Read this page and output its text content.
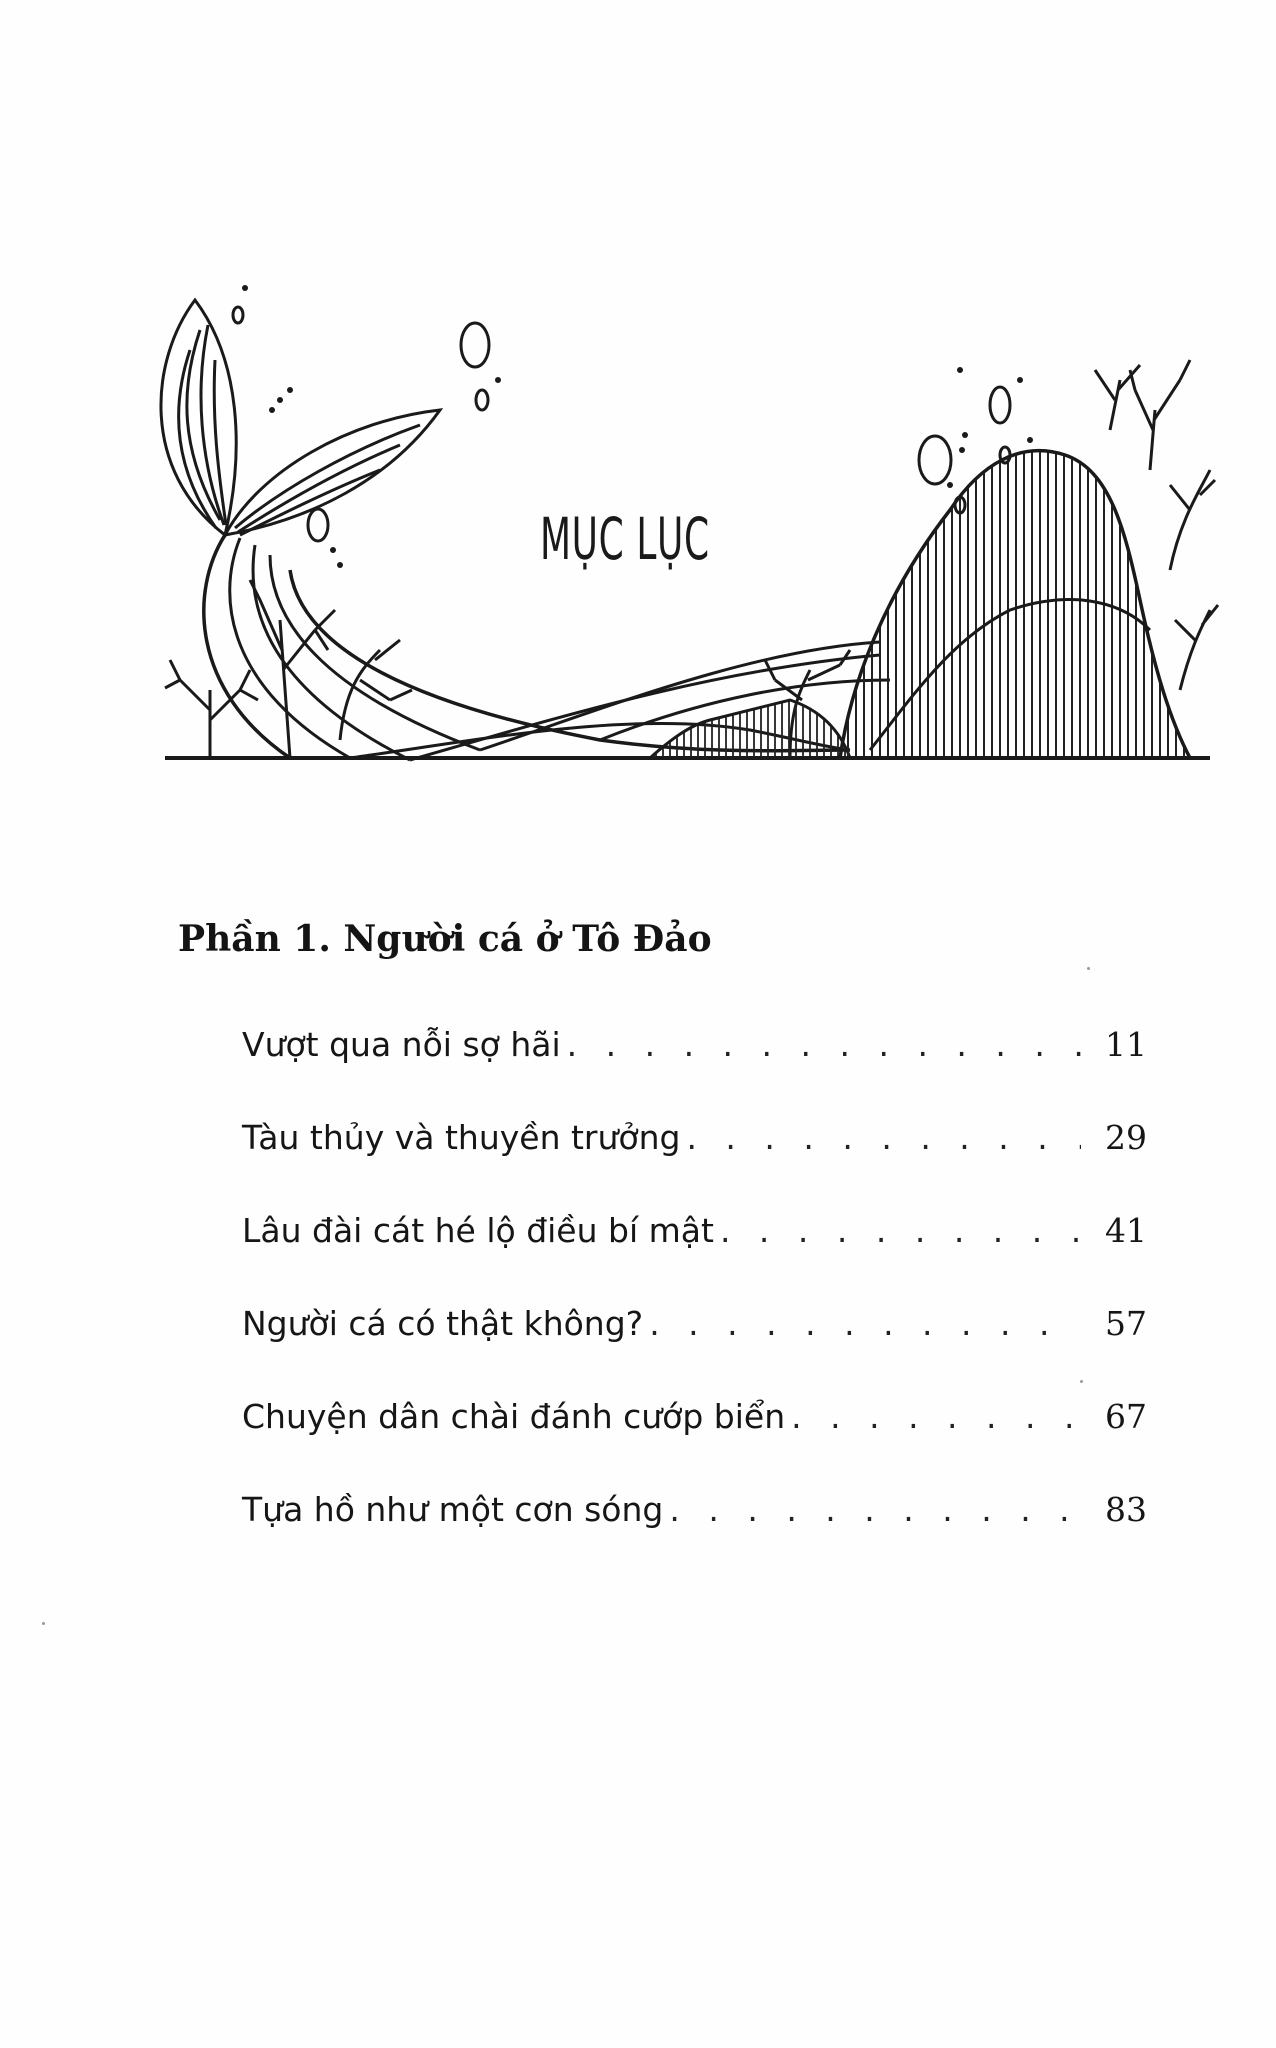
MỤC LỤC
Phần 1. Người cá ở Tô Đảo
Vượt qua nỗi sợ hãi . . .	11
Tàu thủy và thuyền trưởng . . .	29
Lâu đài cát hé lộ điều bí mật . . .	41
Người cá có thật không? . . .	57
Chuyện dân chài đánh cướp biển . . .	67
Tựa hồ như một cơn sóng . . .	83
